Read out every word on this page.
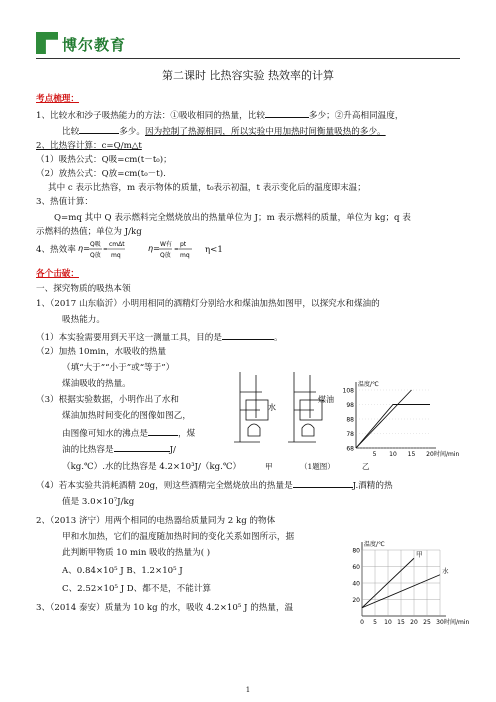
博尔教育
第二课时 比热容实验 热效率的计算
考点梳理：
1、比较水和沙子吸热能力的方法：①吸收相同的热量，比较	多少；②升高相同温度，
比较	多少。因为控制了热源相同，所以实验中用加热时间衡量吸热的多少。
2、比热容计算：c=Q/m△t
（1）吸热公式：Q吸=cm(t－t₀)；
（2）放热公式：Q放=cm(t₀－t).
其中 c 表示比热容，m 表示物体的质量，t₀表示初温，t 表示变化后的温度即末温；
3、热值计算：
Q=mq 其中 Q 表示燃料完全燃烧放出的热量单位为 J；m 表示燃料的质量，单位为 kg；q 表
示燃料的热值；单位为 J/kg
4、热效率 η= Q吸
Q放
=
cmΔt
mq
η= W有
Q放
=
pt
mq
η<1
各个击破：
一、探究物质的吸热本领
1、（2017 山东临沂）小明用相同的酒精灯分别给水和煤油加热如图甲，以探究水和煤油的
吸热能力。
（1）本实验需要用到天平这一测量工具，目的是	。
（2）加热 10min，水吸收的热量
（填“大于”“小于”或“等于”）
煤油吸收的热量。
（3）根据实验数据，小明作出了水和
煤油加热时间变化的图像如图乙，
由图像可知水的沸点是	，煤
油的比热容是	J/
（kg.℃）.水的比热容是 4.2×10³J/（kg.℃）
（4）若本实验共消耗酒精 20g，则这些酒精完全燃烧放出的热量是	J.酒精的热
值是 3.0×10⁷J/kg
2、（2013 济宁）用两个相同的电热器给质量同为 2 kg 的物体
甲和水加热，它们的温度随加热时间的变化关系如图所示，据
此判断甲物质 10 min 吸收的热量为( )
A、0.84×10⁵ J B、1.2×10⁵ J
C、2.52×10⁵ J D、都不是，不能计算
3、（2014 泰安）质量为 10 kg 的水，吸收 4.2×10⁵ J 的热量，温
水
煤油
甲	（1题图）	乙
68
78
88
98
108
5 10 15 20
温度/℃
时间/min
20
40
60
80
0 5 10 15 20 25 30
温度/℃
时间/min
甲
水
1
